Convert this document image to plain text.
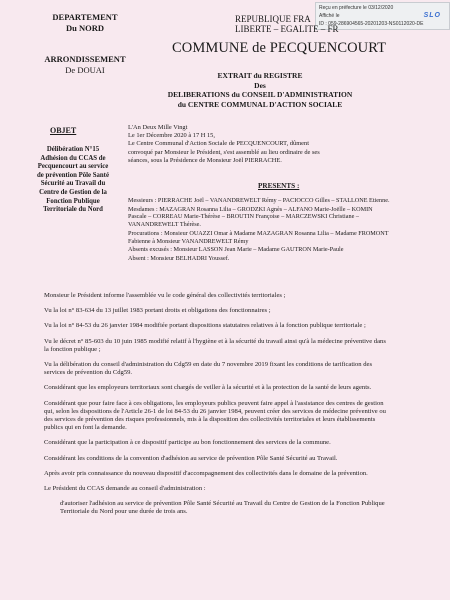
Reçu en préfecture le 03/12/2020
Affiché le
ID : 059-286904565-20201203-NS0112020-DE
SLO
DEPARTEMENT
Du NORD
ARRONDISSEMENT
De DOUAI
REPUBLIQUE FRA
LIBERTE – EGALITE – FR
COMMUNE de PECQUENCOURT
EXTRAIT du REGISTRE
Des
DELIBERATIONS du CONSEIL D'ADMINISTRATION
du CENTRE COMMUNAL D'ACTION SOCIALE
OBJET
Délibération N°15
Adhésion du CCAS de
Pecquencourt au service
de prévention Pôle Santé
Sécurité au Travail du
Centre de Gestion de la
Fonction Publique
Territoriale du Nord
L'An Deux Mille Vingt
Le 1er Décembre 2020 à 17 H 15,
Le Centre Communal d'Action Sociale de PECQUENCOURT, dûment
convoqué par Monsieur le Président, s'est assemblé au lieu ordinaire de ses
séances, sous la Présidence de Monsieur Joël PIERRACHE.
PRESENTS :
Messieurs : PIERRACHE Joël – VANANDREWELT Rémy – PACIOCCO Gilles – STALLONE Etienne.
Mesdames : MAZAGRAN Rosanna Lilia – GRODZKI Agnès – ALFANO Marie-Joëlle – KOMIN Pascale – CORREAU Marie-Thérèse – BROUTIN Françoise – MARCZEWSKI Christiane – VANANDREWELT Thérèse.
Procurations : Monsieur OUAZZI Omar à Madame MAZAGRAN Rosanna Lilia – Madame FROMONT Fabienne à Monsieur VANANDREWELT Rémy
Absents excusés : Monsieur LASSON Jean Marie – Madame GAUTRON Marie-Paule
Absent : Monsieur BELHADRI Youssef.
Monsieur le Président informe l'assemblée vu le code général des collectivités territoriales ;
Vu la loi n° 83-634 du 13 juillet 1983 portant droits et obligations des fonctionnaires ;
Vu la loi n° 84-53 du 26 janvier 1984 modifiée portant dispositions statutaires relatives à la fonction publique territoriale ;
Vu le décret n° 85-603 du 10 juin 1985 modifié relatif à l'hygiène et à la sécurité du travail ainsi qu'à la médecine préventive dans la fonction publique ;
Vu la délibération du conseil d'administration du Cdg59 en date du 7 novembre 2019 fixant les conditions de tarification des services de prévention du Cdg59.
Considérant que les employeurs territoriaux sont chargés de veiller à la sécurité et à la protection de la santé de leurs agents.
Considérant que pour faire face à ces obligations, les employeurs publics peuvent faire appel à l'assistance des centres de gestion qui, selon les dispositions de l'Article 26-1 de loi 84-53 du 26 janvier 1984, peuvent créer des services de médecine préventive ou des services de prévention des risques professionnels, mis à la disposition des collectivités territoriales et leurs établissements publics qui en font la demande.
Considérant que la participation à ce dispositif participe au bon fonctionnement des services de la commune.
Considérant les conditions de la convention d'adhésion au service de prévention Pôle Santé Sécurité au Travail.
Après avoir pris connaissance du nouveau dispositif d'accompagnement des collectivités dans le domaine de la prévention.
Le Président du CCAS demande au conseil d'administration :
d'autoriser l'adhésion au service de prévention Pôle Santé Sécurité au Travail du Centre de Gestion de la Fonction Publique Territoriale du Nord pour une durée de trois ans.
